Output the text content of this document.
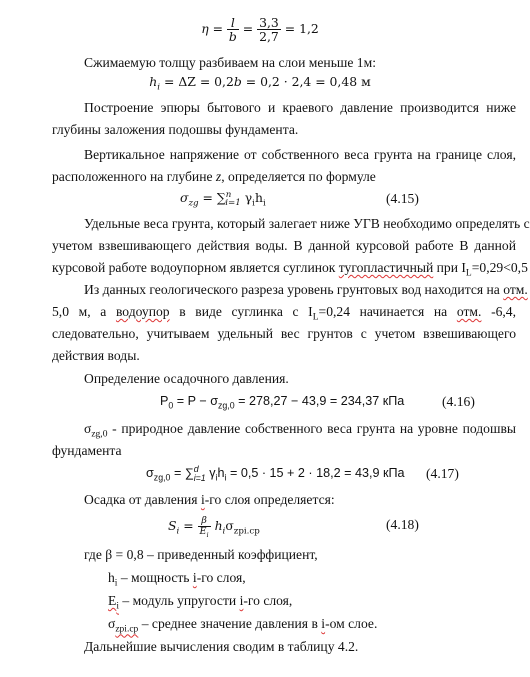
$\eta = \frac{l}{b} = \frac{3,3}{2,7} = 1,2$
Сжимаемую толщу разбиваем на слои меньше 1м:
$h_i = \Delta Z = 0,2b = 0,2 \cdot 2,4 = 0,48$ м
Построение эпюры бытового и краевого давление производится ниже
глубины заложения подошвы фундамента.
Вертикальное напряжение от собственного веса грунта на границе слоя,
расположенного на глубине z, определяется по формуле
$\sigma_{zg} = \sum^n_{i=1}$ $\gamma_ih_i$	(4.15)
Удельные веса грунта, который залегает ниже УГВ необходимо определять с
учетом взвешивающего действия воды. В данной курсовой работе В данной
курсовой работе водоупорном является суглинок тугопластичный при $I_L=0,29<0,5$
Из данных геологического разреза уровень грунтовых вод находится на отм.
5,0 м, а водоупор в виде суглинка с $I_L=0,24$ начинается на отм. -6,4,
следовательно, учитываем удельный вес грунтов с учетом взвешивающего
действия воды.
Определение осадочного давления.
$P_0 = P - \sigma_{zg,0} = 278,27 - 43,9 = 234,37$ кПа	(4.16)
$\sigma_{zg,0}$ - природное давление собственного веса грунта на уровне подошвы
фундамента
$\sigma_{zg,0} = \sum^d_{i=1}$ $\gamma_ih_i = 0,5 \cdot 15 + 2 \cdot 18,2 = 43,9$ кПа (4.17)
Осадка от давления i-го слоя определяется:
$S_i = \frac{\beta}{E_i} h_i\sigma_{zpi.cp}$	(4.18)
где β = 0,8 – приведенный коэффициент,
$h_i$ – мощность i-го слоя,
$E_i$ – модуль упругости i-го слоя,
$\sigma_{zpi.cp}$ – среднее значение давления в i-ом слое.
Дальнейшие вычисления сводим в таблицу 4.2.
